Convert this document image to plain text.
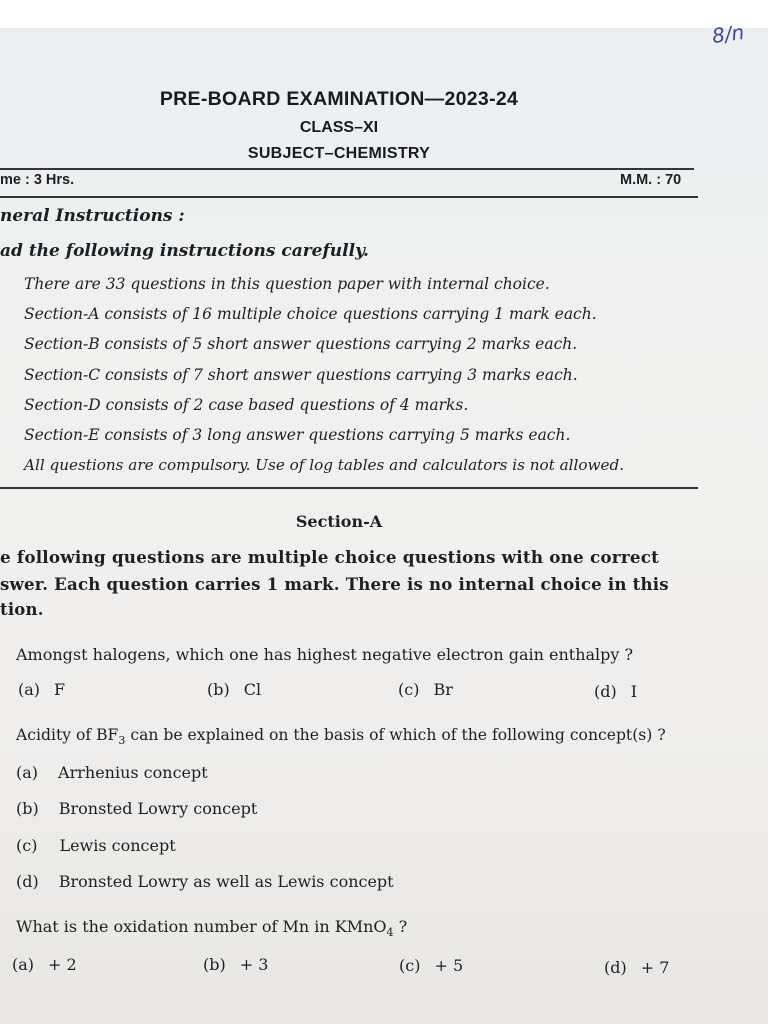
8/n
PRE-BOARD EXAMINATION—2023-24
CLASS–XI
SUBJECT–CHEMISTRY
me : 3 Hrs.	M.M. : 70
neral Instructions :
ad the following instructions carefully.
There are 33 questions in this question paper with internal choice.
Section-A consists of 16 multiple choice questions carrying 1 mark each.
Section-B consists of 5 short answer questions carrying 2 marks each.
Section-C consists of 7 short answer questions carrying 3 marks each.
Section-D consists of 2 case based questions of 4 marks.
Section-E consists of 3 long answer questions carrying 5 marks each.
All questions are compulsory. Use of log tables and calculators is not allowed.
Section-A
e following questions are multiple choice questions with one correct
swer. Each question carries 1 mark. There is no internal choice in this
tion.
Amongst halogens, which one has highest negative electron gain enthalpy ?
(a) F	(b) Cl	(c) Br	(d) I
Acidity of $BF_3$ can be explained on the basis of which of the following concept(s) ?
(a) Arrhenius concept
(b) Bronsted Lowry concept
(c) Lewis concept
(d) Bronsted Lowry as well as Lewis concept
What is the oxidation number of Mn in KMnO$_4$ ?
(a) + 2	(b) + 3	(c) + 5	(d) + 7
